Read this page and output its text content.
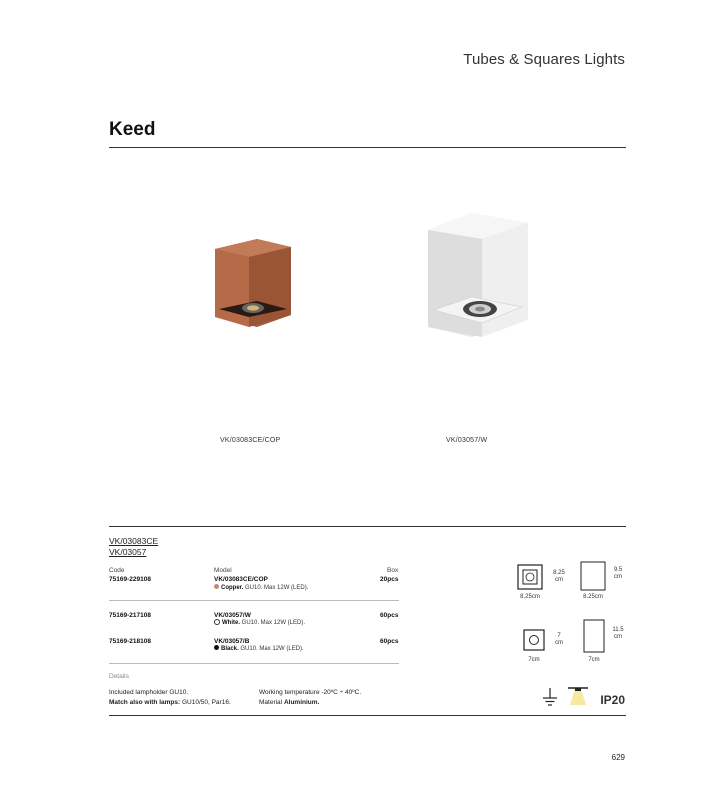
Tubes & Squares Lights
Keed
VK/03083CE/COP	VK/03057/W
VK/03083CE
VK/03057
Code	Model	Box
75169-229108	VK/03083CE/COP	20pcs
Copper. GU10. Max 12W (LED).
75169-217108	VK/03057/W	60pcs
White. GU10. Max 12W (LED).
75169-218108	VK/03057/B	60pcs
Black. GU10. Max 12W (LED).
8.25
cm
8.25cm
9.5
cm
8.25cm
7
cm
7cm
11.5
cm
7cm
Details
Included lampholder GU10.
Match also with lamps: GU10/50, Par16.
Working temperature -20ºC ÷ 40ºC.
Material Aluminium.	IP20
629
